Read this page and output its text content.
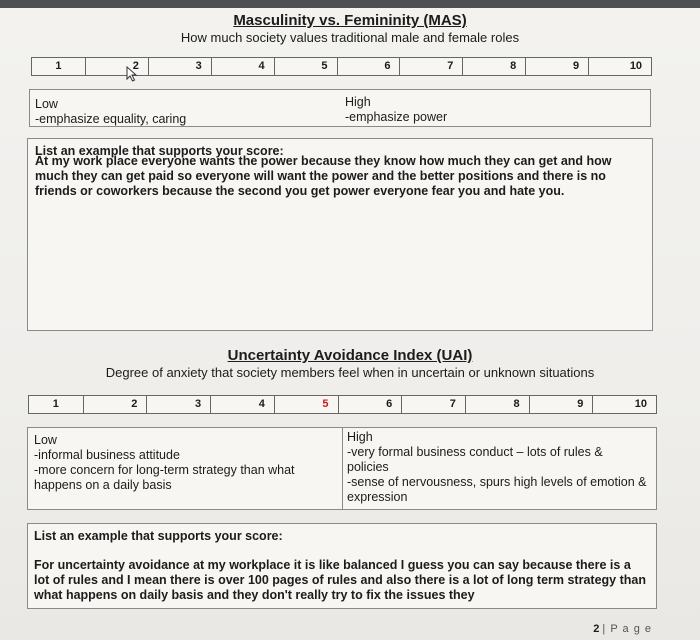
Masculinity vs. Femininity (MAS)
How much society values traditional male and female roles
1	2	3	4	5	6	7	8	9	10
Low
-emphasize equality, caring
High
-emphasize power
List an example that supports your score:
At my work place everyone wants the power because they know how much they can get and how much they can get paid so everyone will want the power and the better positions and there is no friends or coworkers because the second you get power everyone fear you and hate you.
Uncertainty Avoidance Index (UAI)
Degree of anxiety that society members feel when in uncertain or unknown situations
1	2	3	4	5	6	7	8	9	10
Low
-informal business attitude
-more concern for long-term strategy than what happens on a daily basis
High
-very formal business conduct – lots of rules & policies
-sense of nervousness, spurs high levels of emotion & expression
List an example that supports your score:
For uncertainty avoidance at my workplace it is like balanced I guess you can say because there is a lot of rules and I mean there is over 100 pages of rules and also there is a lot of long term strategy than what happens on daily basis and they don't really try to fix the issues they
2 | P a g e
